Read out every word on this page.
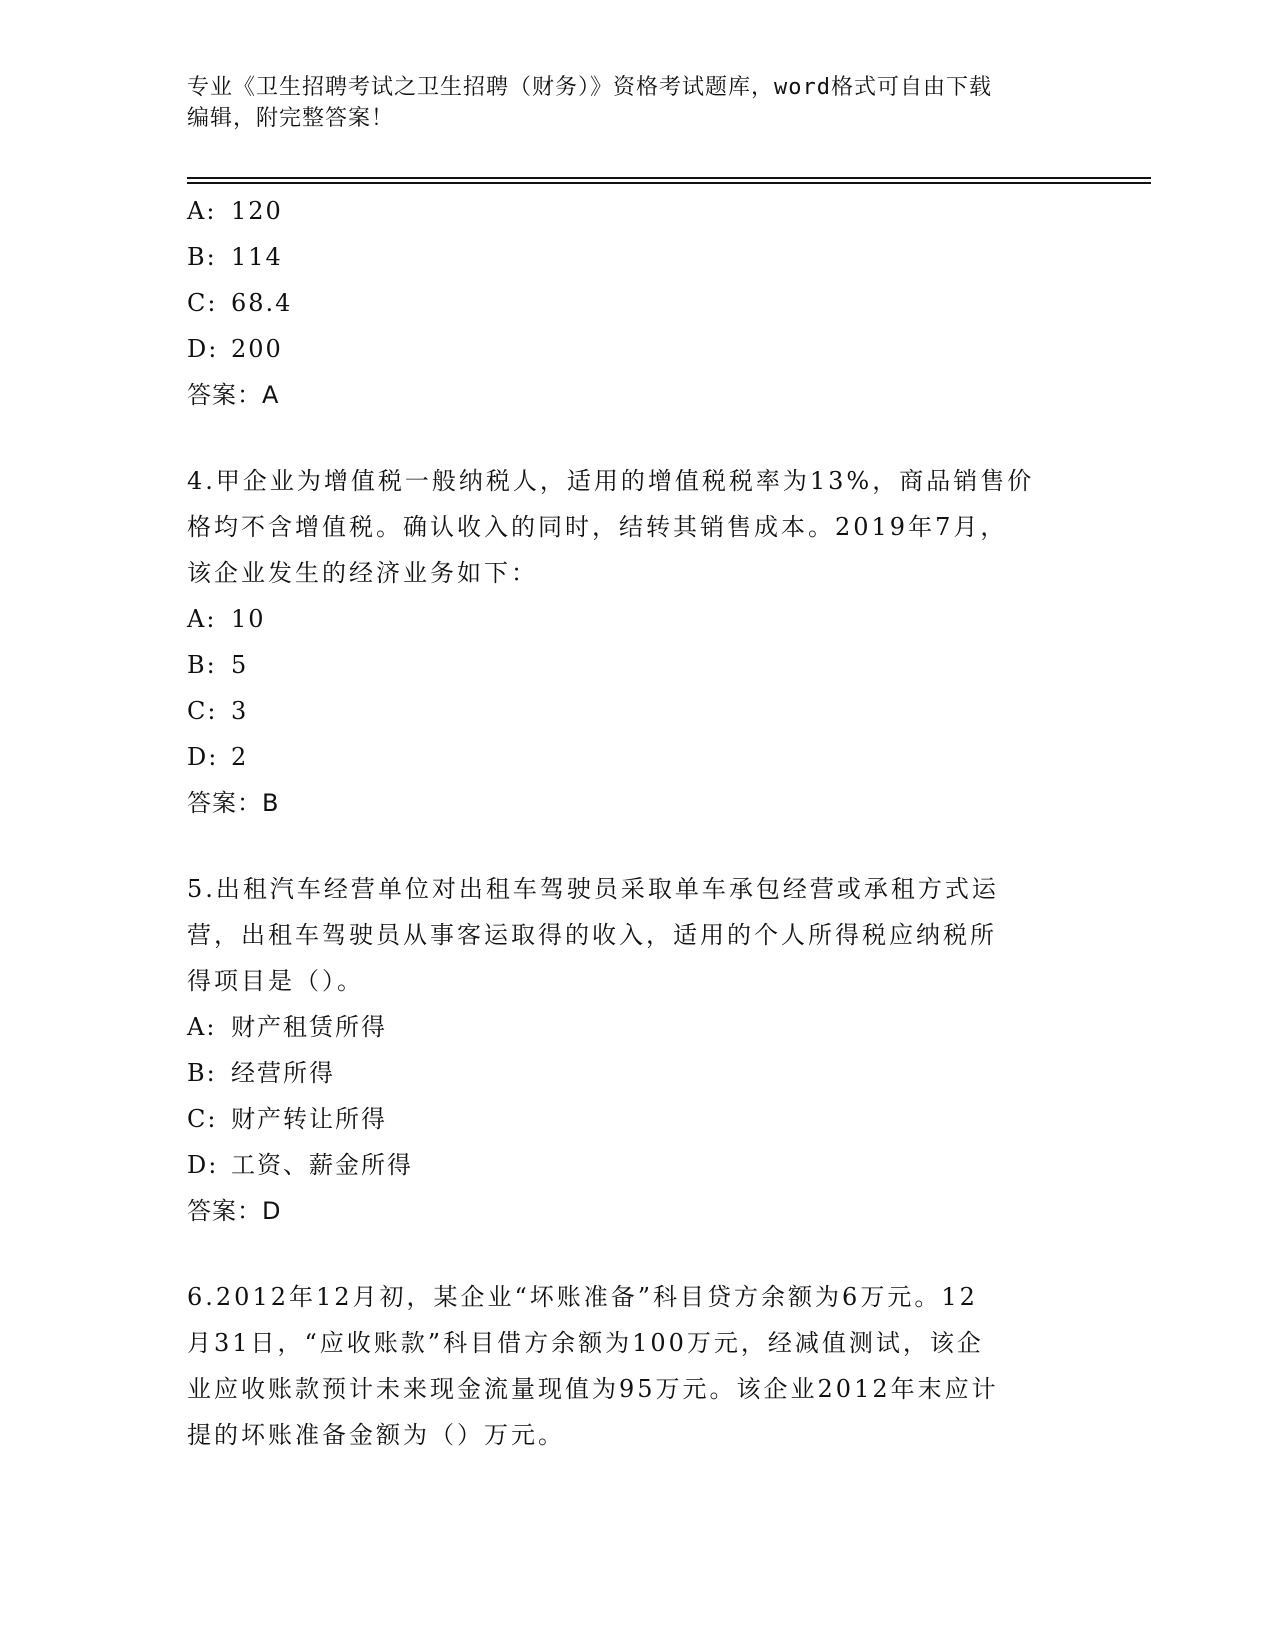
专业《卫生招聘考试之卫生招聘（财务）》资格考试题库，word格式可自由下载
编辑，附完整答案！
A: 120
B: 114
C: 68.4
D: 200
答案：A
4.甲企业为增值税一般纳税人，适用的增值税税率为13%，商品销售价
格均不含增值税。确认收入的同时，结转其销售成本。2019年7月，
该企业发生的经济业务如下：
A: 10
B: 5
C: 3
D: 2
答案：B
5.出租汽车经营单位对出租车驾驶员采取单车承包经营或承租方式运
营，出租车驾驶员从事客运取得的收入，适用的个人所得税应纳税所
得项目是（）。
A: 财产租赁所得
B: 经营所得
C: 财产转让所得
D: 工资、薪金所得
答案：D
6.2012年12月初，某企业“坏账准备”科目贷方余额为6万元。12
月31日，“应收账款”科目借方余额为100万元，经减值测试，该企
业应收账款预计未来现金流量现值为95万元。该企业2012年末应计
提的坏账准备金额为（）万元。
